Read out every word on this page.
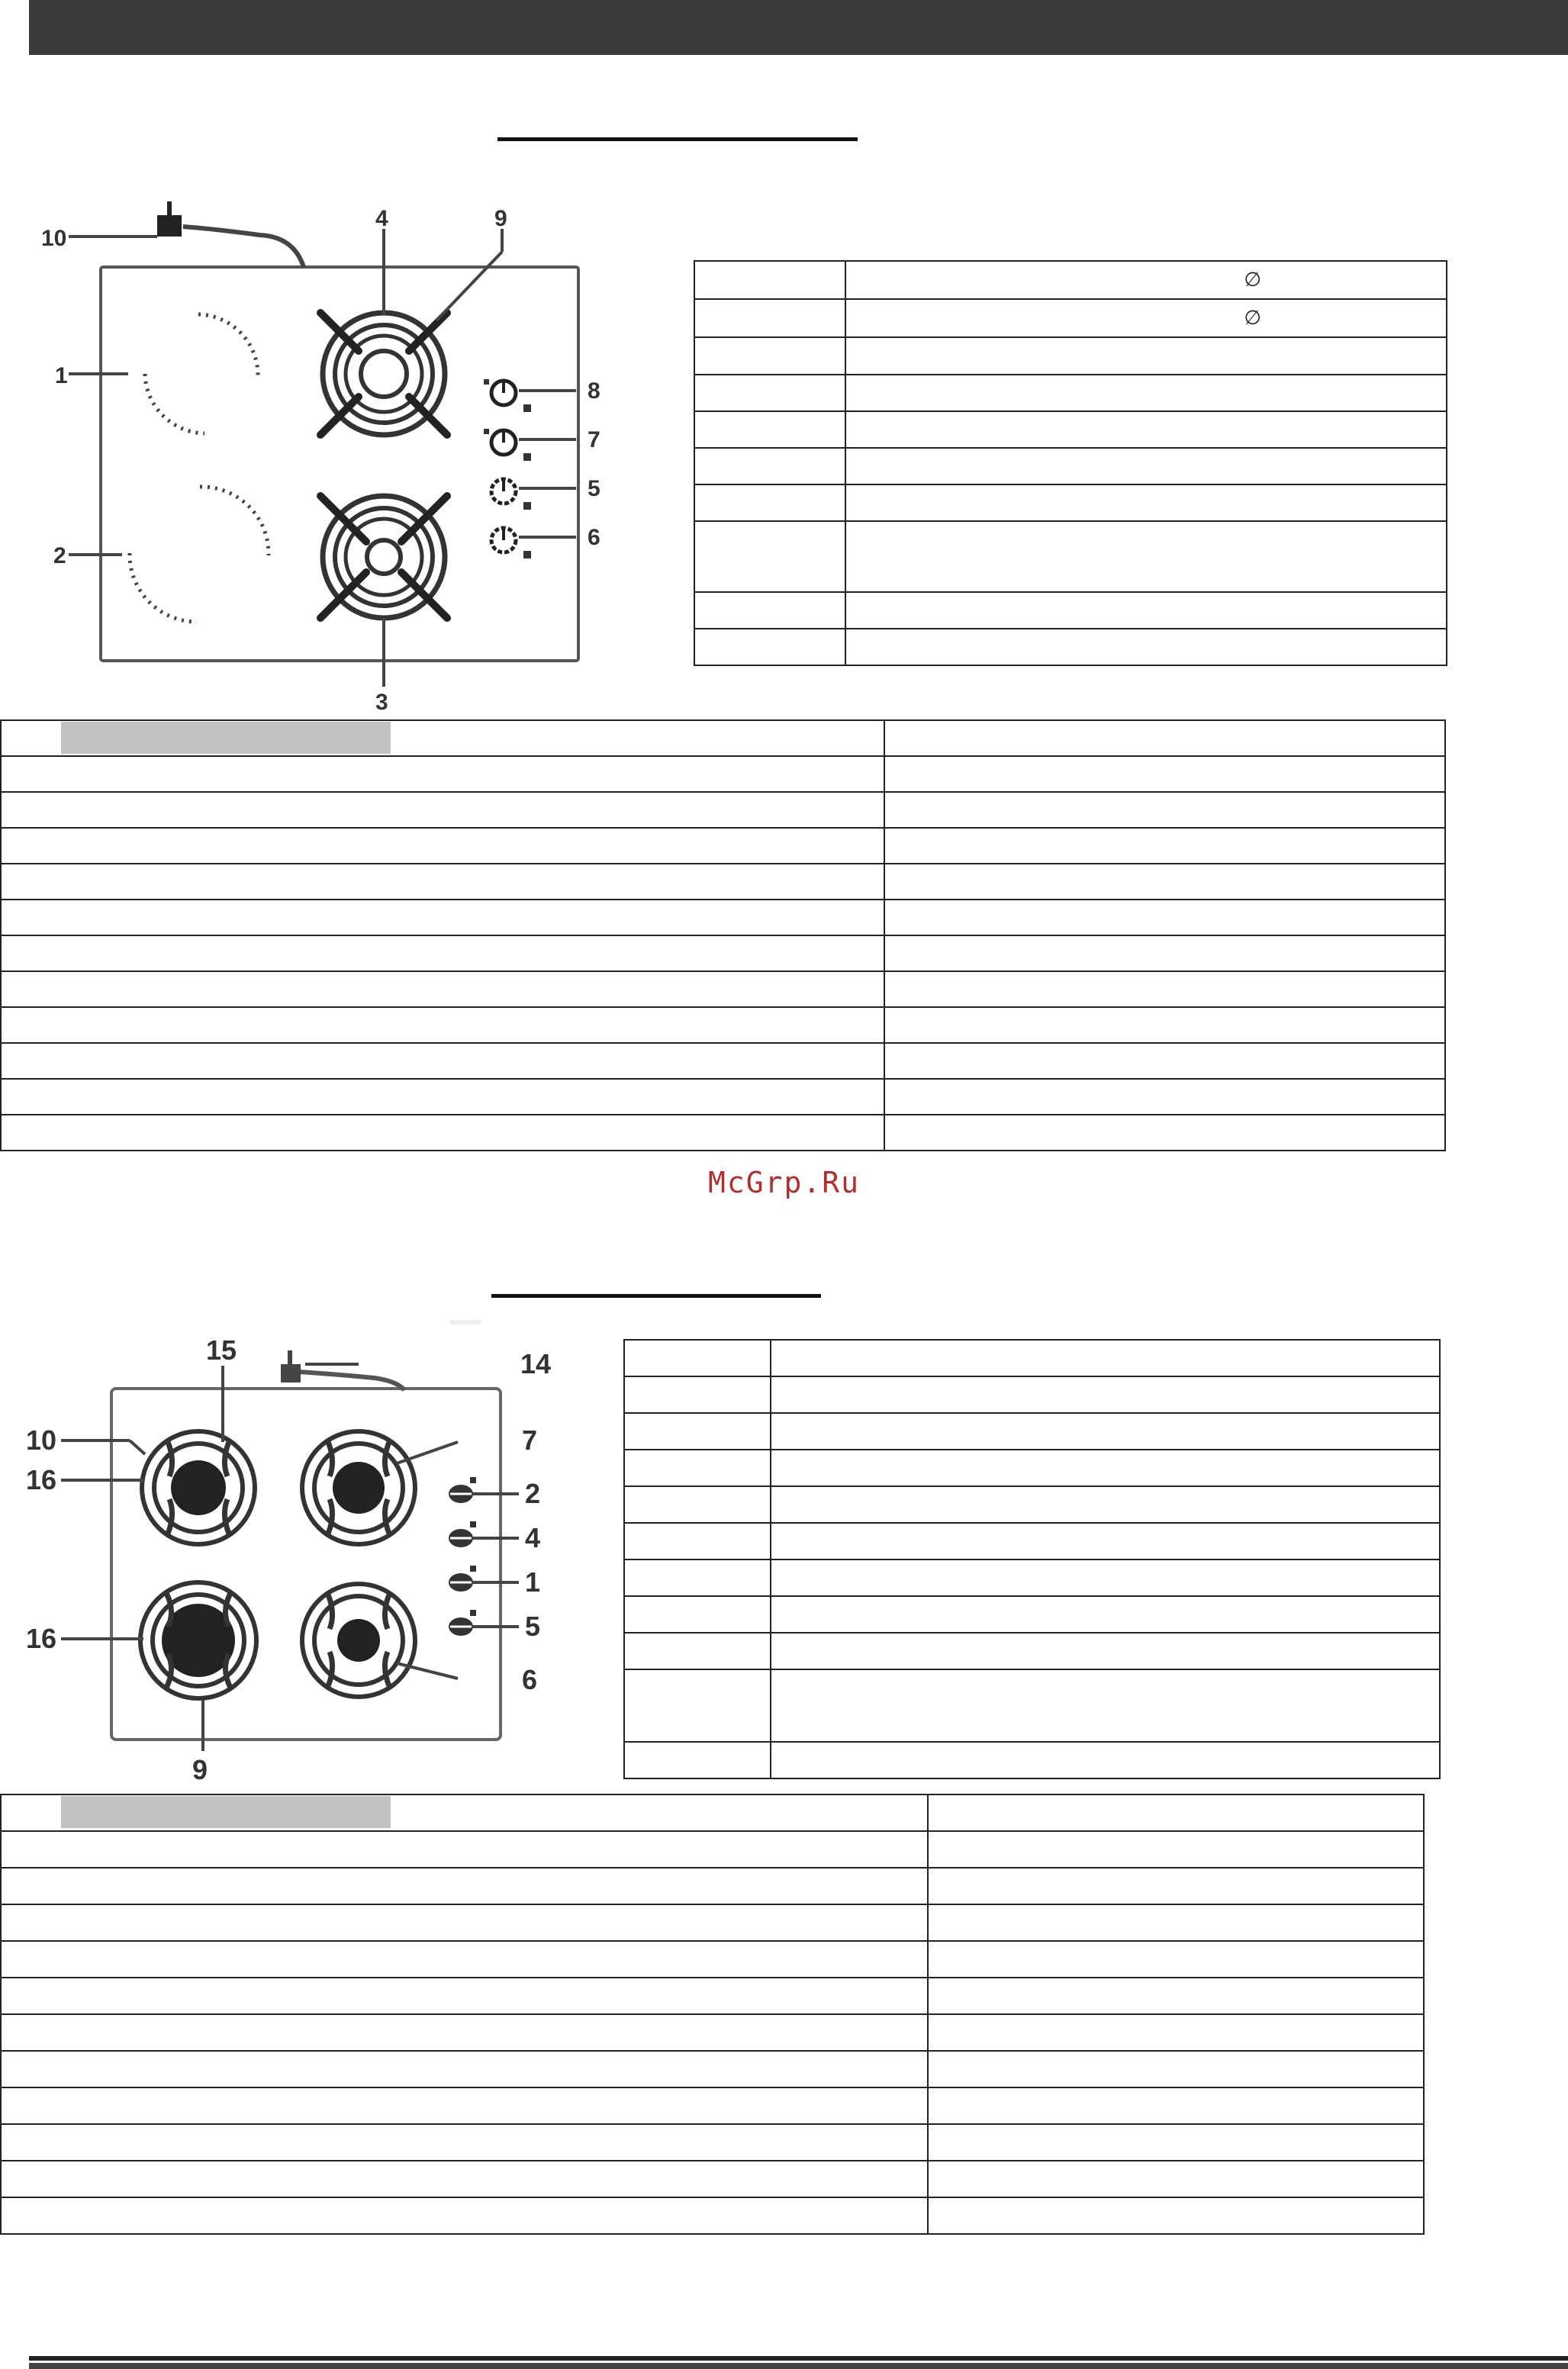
10
4	9
1
8
7
5
6
2
3
	∅
	∅

McGrp.Ru
15	14
10
16
7
2
4
1
5
16
6
9
